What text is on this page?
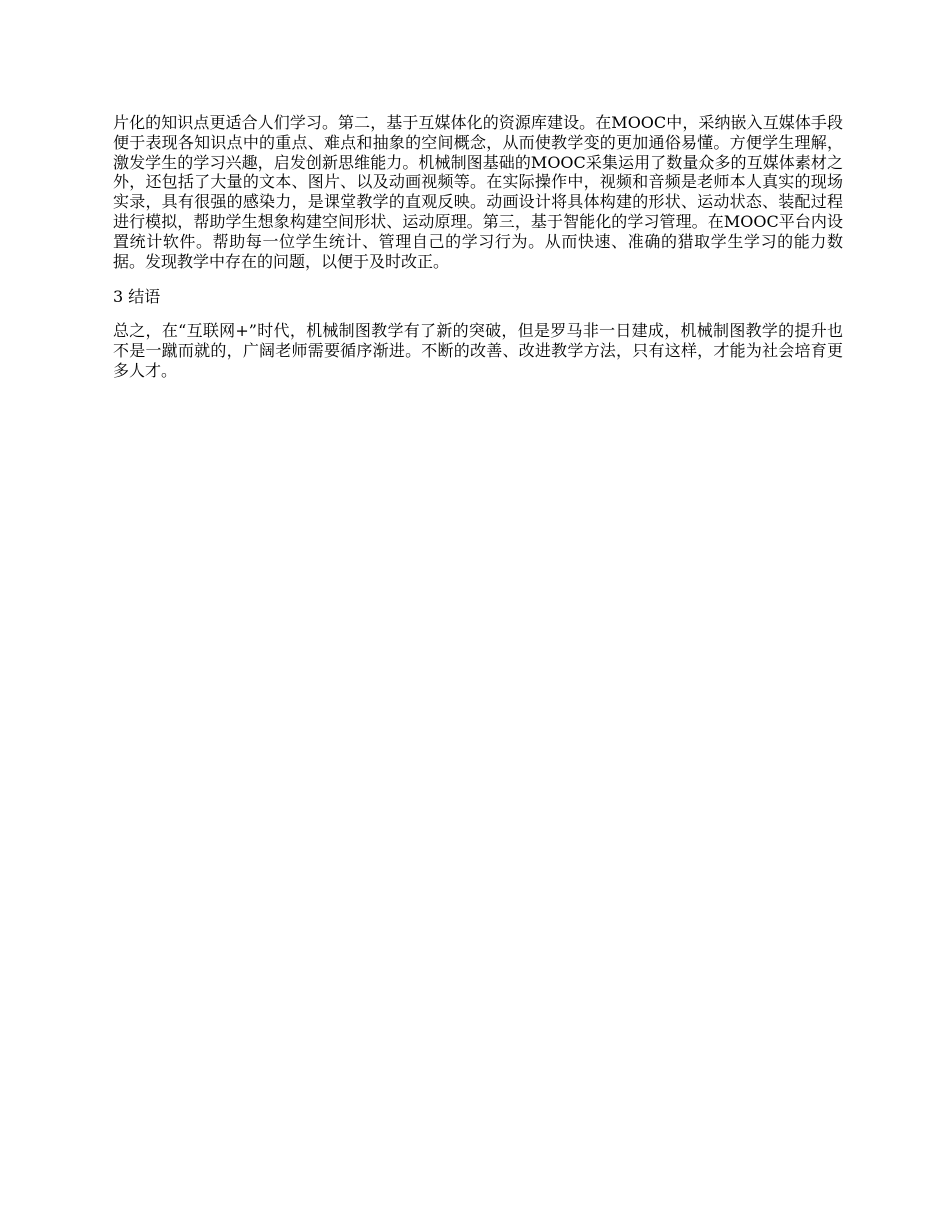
片化的知识点更适合人们学习。第二，基于互媒体化的资源库建设。在MOOC中，采纳嵌入互媒体手段便于表现各知识点中的重点、难点和抽象的空间概念，从而使教学变的更加通俗易懂。方便学生理解，激发学生的学习兴趣，启发创新思维能力。机械制图基础的MOOC采集运用了数量众多的互媒体素材之外，还包括了大量的文本、图片、以及动画视频等。在实际操作中，视频和音频是老师本人真实的现场实录，具有很强的感染力，是课堂教学的直观反映。动画设计将具体构建的形状、运动状态、装配过程进行模拟，帮助学生想象构建空间形状、运动原理。第三，基于智能化的学习管理。在MOOC平台内设置统计软件。帮助每一位学生统计、管理自己的学习行为。从而快速、准确的猎取学生学习的能力数据。发现教学中存在的问题，以便于及时改正。

3 结语

总之，在“互联网+”时代，机械制图教学有了新的突破，但是罗马非一日建成，机械制图教学的提升也不是一蹴而就的，广阔老师需要循序渐进。不断的改善、改进教学方法，只有这样，才能为社会培育更多人才。
